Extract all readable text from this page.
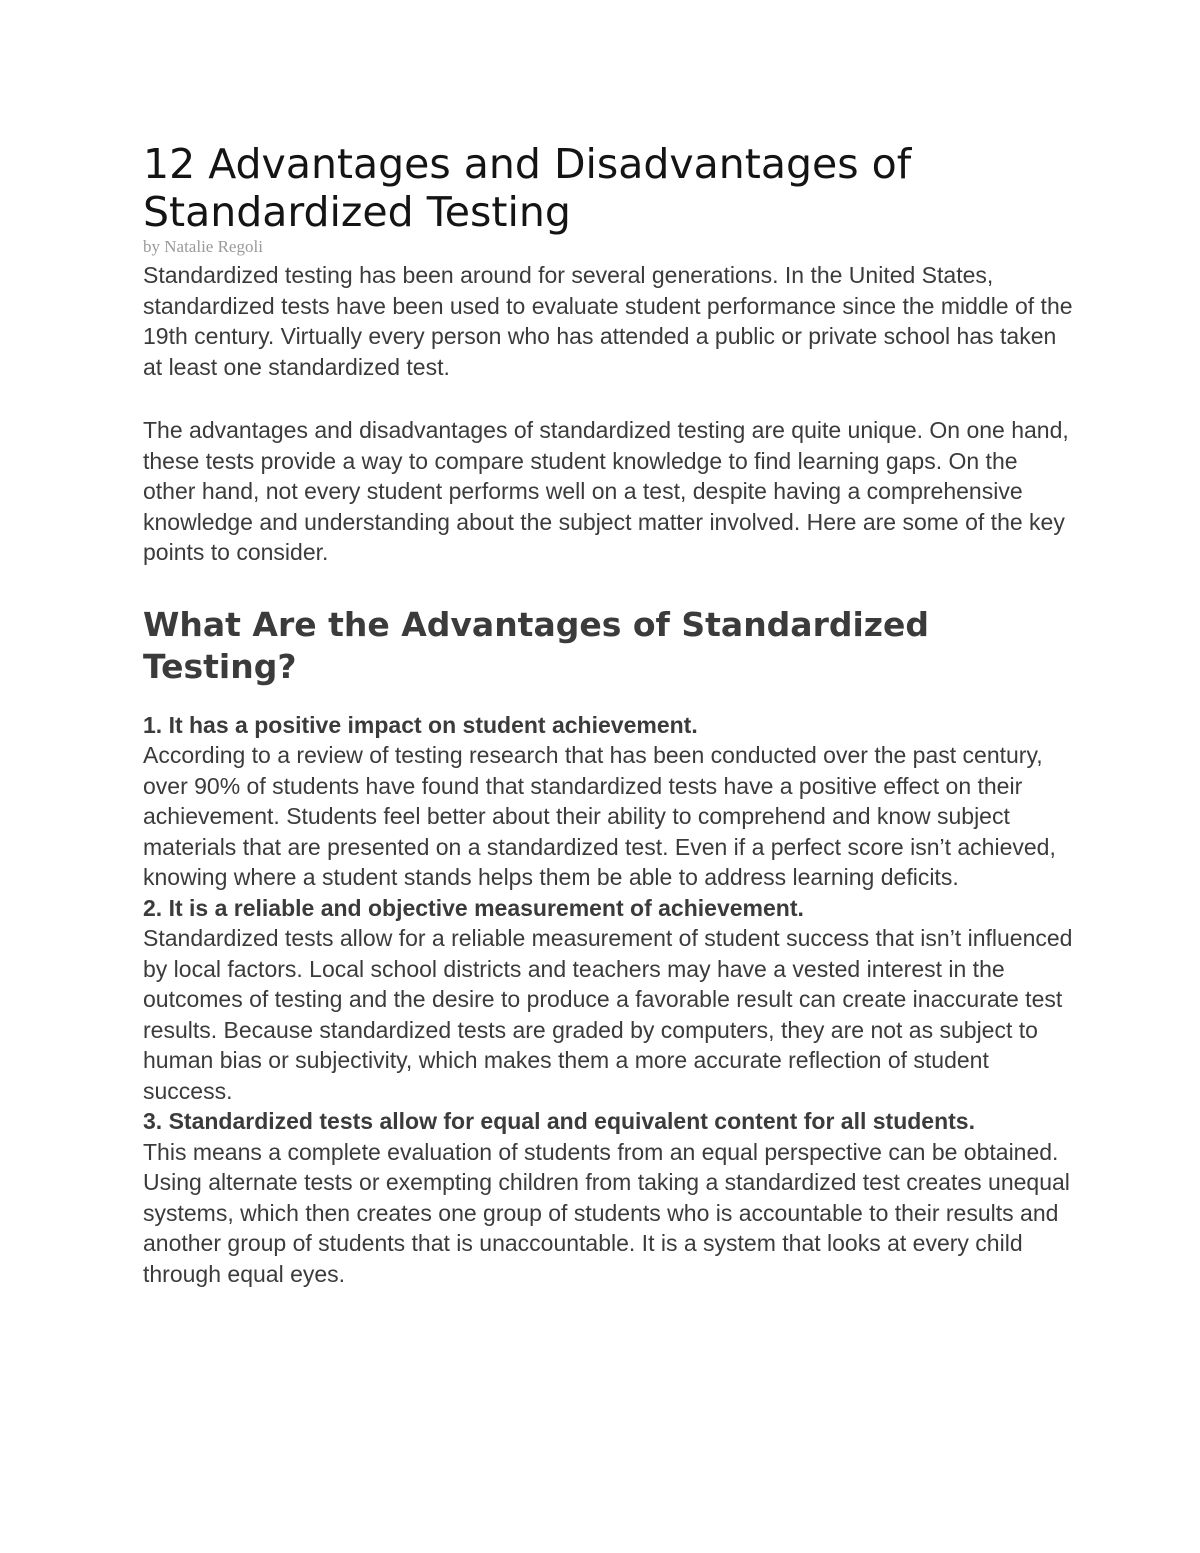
12 Advantages and Disadvantages of Standardized Testing

by Natalie Regoli

Standardized testing has been around for several generations. In the United States, standardized tests have been used to evaluate student performance since the middle of the 19th century. Virtually every person who has attended a public or private school has taken at least one standardized test.

The advantages and disadvantages of standardized testing are quite unique. On one hand, these tests provide a way to compare student knowledge to find learning gaps. On the other hand, not every student performs well on a test, despite having a comprehensive knowledge and understanding about the subject matter involved. Here are some of the key points to consider.

What Are the Advantages of Standardized Testing?

1. It has a positive impact on student achievement.

According to a review of testing research that has been conducted over the past century, over 90% of students have found that standardized tests have a positive effect on their achievement. Students feel better about their ability to comprehend and know subject materials that are presented on a standardized test. Even if a perfect score isn’t achieved, knowing where a student stands helps them be able to address learning deficits.

2. It is a reliable and objective measurement of achievement.

Standardized tests allow for a reliable measurement of student success that isn’t influenced by local factors. Local school districts and teachers may have a vested interest in the outcomes of testing and the desire to produce a favorable result can create inaccurate test results. Because standardized tests are graded by computers, they are not as subject to human bias or subjectivity, which makes them a more accurate reflection of student success.

3. Standardized tests allow for equal and equivalent content for all students.

This means a complete evaluation of students from an equal perspective can be obtained. Using alternate tests or exempting children from taking a standardized test creates unequal systems, which then creates one group of students who is accountable to their results and another group of students that is unaccountable. It is a system that looks at every child through equal eyes.
